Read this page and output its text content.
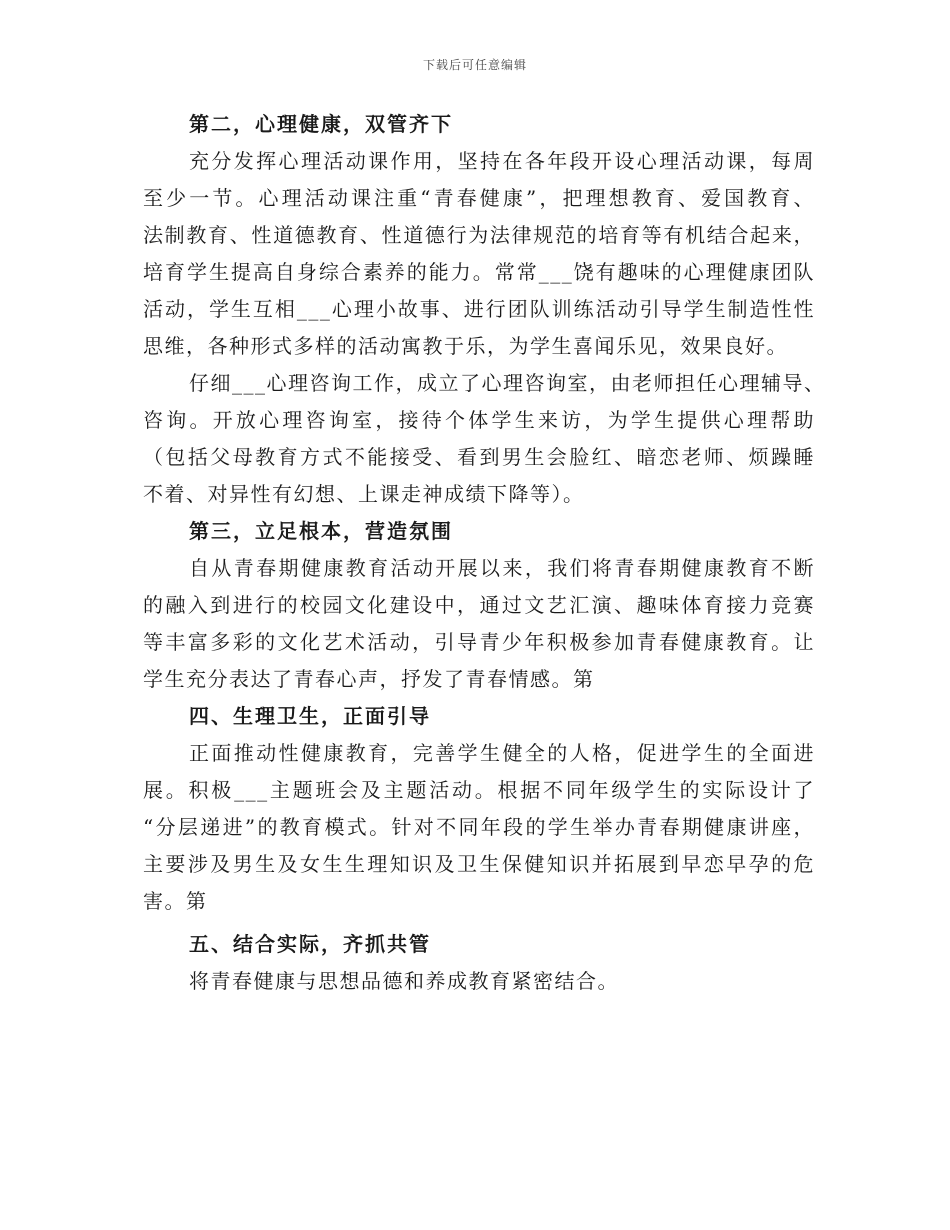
下载后可任意编辑
第二，心理健康，双管齐下
充分发挥心理活动课作用，坚持在各年段开设心理活动课，每周
至少一节。心理活动课注重“青春健康”，把理想教育、爱国教育、
法制教育、性道德教育、性道德行为法律规范的培育等有机结合起来，
培育学生提高自身综合素养的能力。常常___饶有趣味的心理健康团队
活动，学生互相___心理小故事、进行团队训练活动引导学生制造性性
思维，各种形式多样的活动寓教于乐，为学生喜闻乐见，效果良好。
仔细___心理咨询工作，成立了心理咨询室，由老师担任心理辅导、
咨询。开放心理咨询室，接待个体学生来访，为学生提供心理帮助
（包括父母教育方式不能接受、看到男生会脸红、暗恋老师、烦躁睡
不着、对异性有幻想、上课走神成绩下降等）。
第三，立足根本，营造氛围
自从青春期健康教育活动开展以来，我们将青春期健康教育不断
的融入到进行的校园文化建设中，通过文艺汇演、趣味体育接力竞赛
等丰富多彩的文化艺术活动，引导青少年积极参加青春健康教育。让
学生充分表达了青春心声，抒发了青春情感。第
四、生理卫生，正面引导
正面推动性健康教育，完善学生健全的人格，促进学生的全面进
展。积极___主题班会及主题活动。根据不同年级学生的实际设计了
“分层递进”的教育模式。针对不同年段的学生举办青春期健康讲座，
主要涉及男生及女生生理知识及卫生保健知识并拓展到早恋早孕的危
害。第
五、结合实际，齐抓共管
将青春健康与思想品德和养成教育紧密结合。
